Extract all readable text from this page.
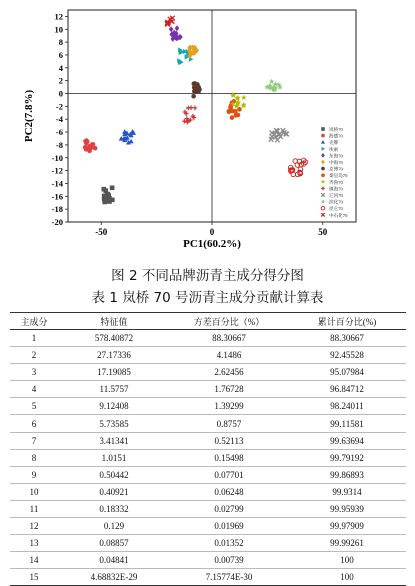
-20
-18
-16
-14
-12
-10
-8
-6
-4
-2
0
2
4
6
8
10
12
-50	0	50
岚桥70
海德70
壳牌
埃索
东海70
中海70
京博70
秦皇岛70
齐鲁70
镇海70
辽河70
滨化70
昆仑70
中石化70
PC1(60.2%)
PC2(7.8%)
图 2 不同品牌沥青主成分得分图
表 1 岚桥 70 号沥青主成分贡献计算表
主成分	特征值	方差百分比（%）	累计百分比(%)
1	578.40872	88.30667	88.30667
2	27.17336	4.1486	92.45528
3	17.19085	2.62456	95.07984
4	11.5757	1.76728	96.84712
5	9.12408	1.39299	98.24011
6	5.73585	0.8757	99.11581
7	3.41341	0.52113	99.63694
8	1.0151	0.15498	99.79192
9	0.50442	0.07701	99.86893
10	0.40921	0.06248	99.9314
11	0.18332	0.02799	99.95939
12	0.129	0.01969	99.97909
13	0.08857	0.01352	99.99261
14	0.04841	0.00739	100
15	4.68832E-29	7.15774E-30	100
